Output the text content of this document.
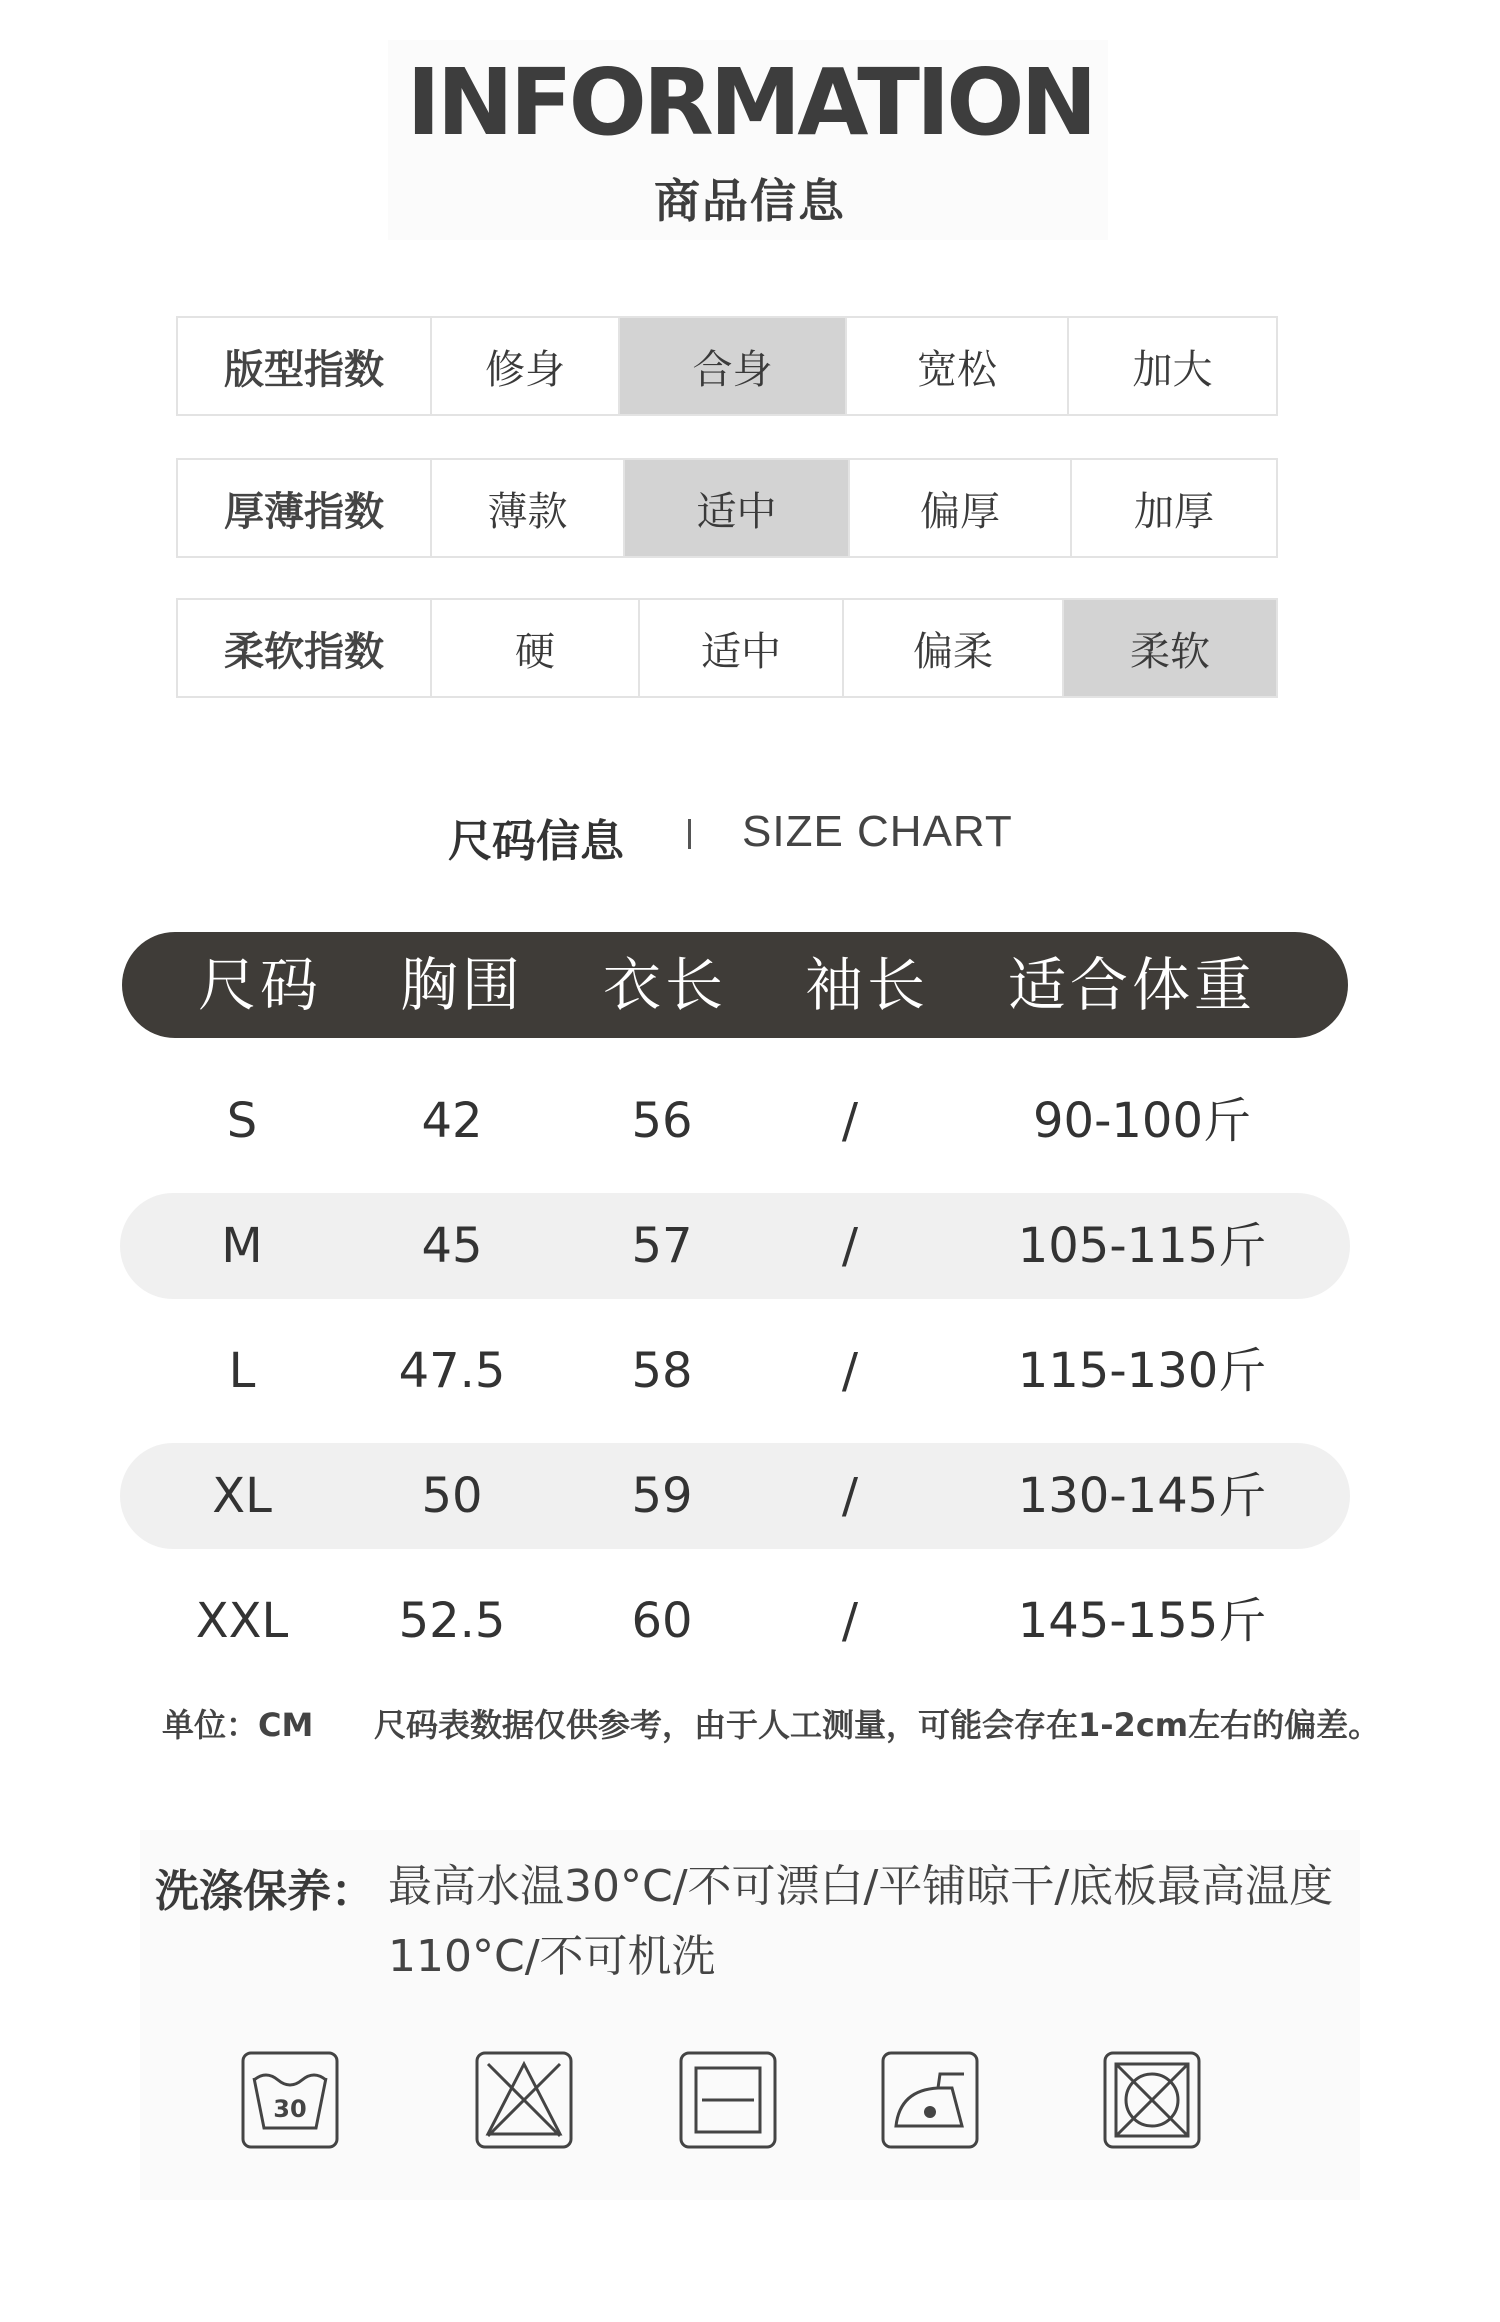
INFORMATION
商品信息
版型指数	修身	合身	宽松	加大
厚薄指数	薄款	适中	偏厚	加厚
柔软指数	硬	适中	偏柔	柔软
尺码信息	SIZE CHART
尺码 胸围 衣长 袖长 适合体重
S	42	56	/	90-100斤
M	45	57	/	105-115斤
L	47.5	58	/	115-130斤
XL	50	59	/	130-145斤
XXL 52.5	60	/	145-155斤
单位：CM 尺码表数据仅供参考，由于人工测量，可能会存在1-2cm左右的偏差。
洗涤保养： 最高水温30°C/不可漂白/平铺晾干/底板最高温度110°C/不可机洗
30
